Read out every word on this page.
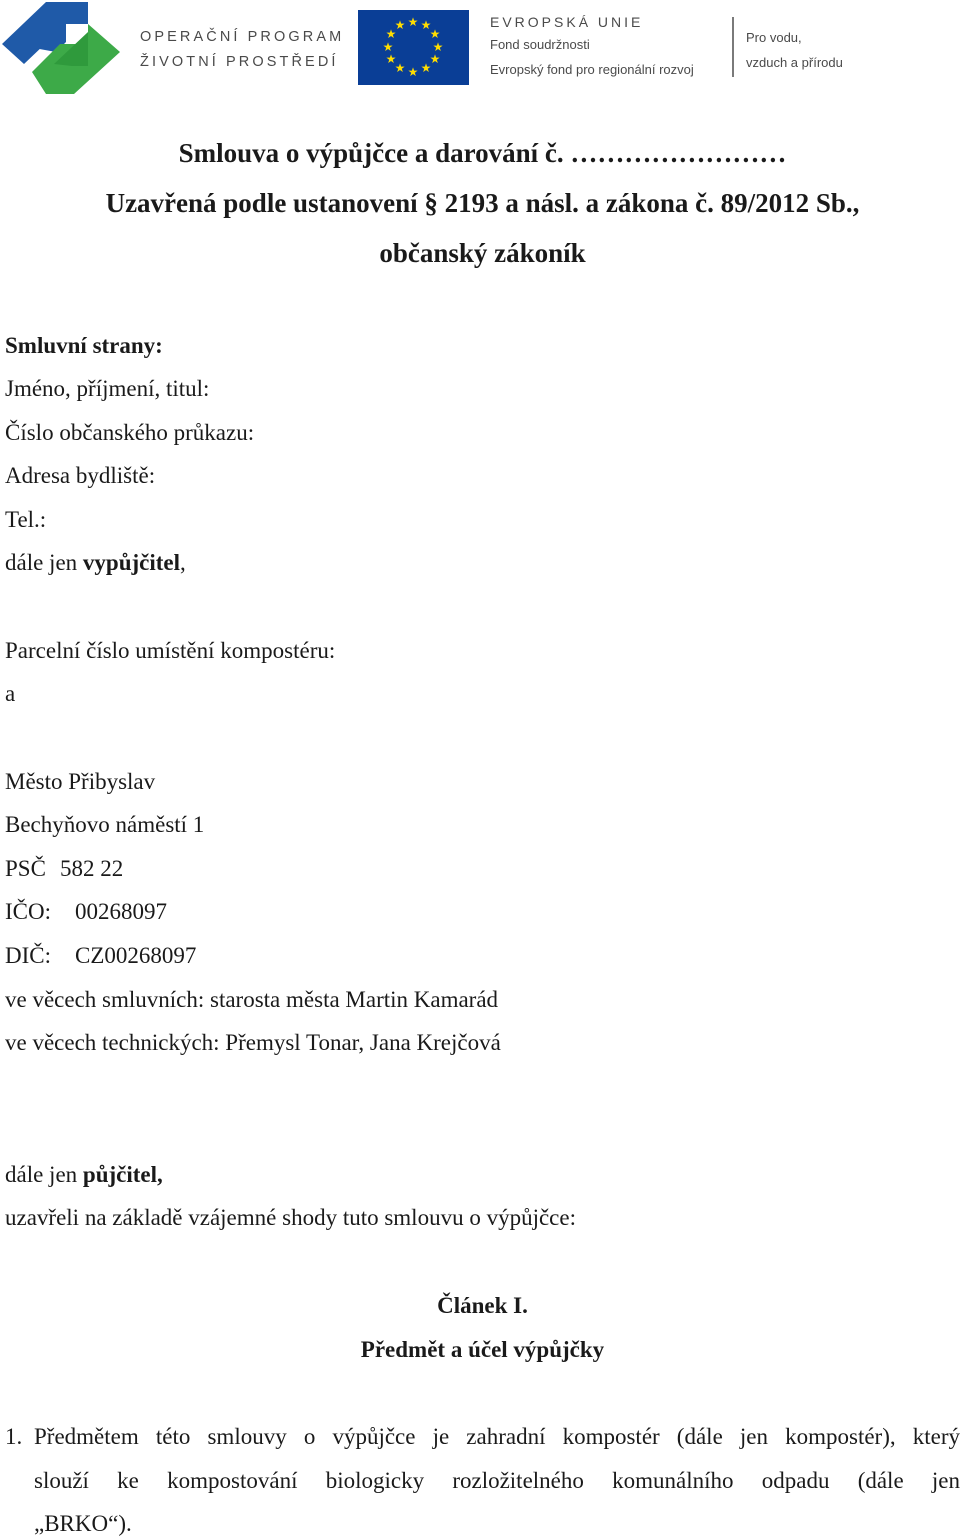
OPERAČNÍ PROGRAM
ŽIVOTNÍ PROSTŘEDÍ
★ ★
★
★
★
★
★
★
★
★
★
★	EVROPSKÁ UNIE
Fond soudržnosti
Evropský fond pro regionální rozvoj
Pro vodu,
vzduch a přírodu
Smlouva o výpůjčce a darování č. ……………………
Uzavřená podle ustanovení § 2193 a násl. a zákona č. 89/2012 Sb.,
občanský zákoník
Smluvní strany:
Jméno, příjmení, titul:
Číslo občanského průkazu:
Adresa bydliště:
Tel.:
dále jen vypůjčitel,
Parcelní číslo umístění kompostéru:
a
Město Přibyslav
Bechyňovo náměstí 1
PSČ 582 22
IČO: 00268097
DIČ: CZ00268097
ve věcech smluvních: starosta města Martin Kamarád
ve věcech technických: Přemysl Tonar, Jana Krejčová
dále jen půjčitel,
uzavřeli na základě vzájemné shody tuto smlouvu o výpůjčce:
Článek I.
Předmět a účel výpůjčky
1. Předmětem této smlouvy o výpůjčce je zahradní kompostér (dále jen kompostér), který
slouží ke kompostování biologicky rozložitelného komunálního odpadu (dále jen
„BRKO“).
